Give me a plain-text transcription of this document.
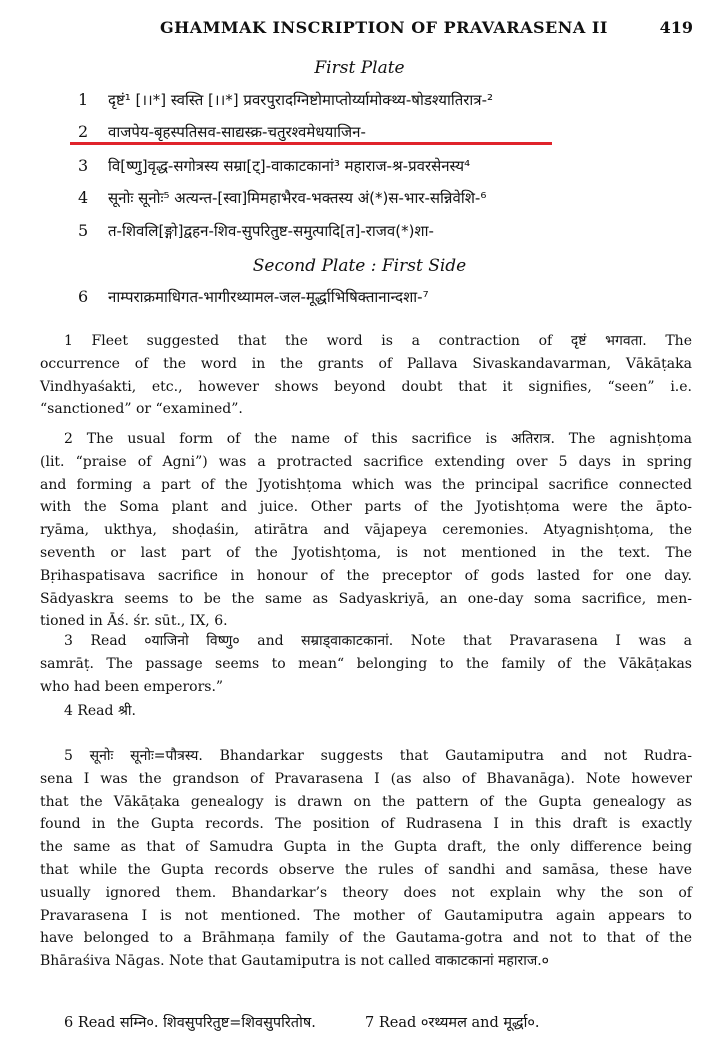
GHAMMAK INSCRIPTION OF PRAVARASENA II	419
First Plate
1 दृष्टं¹ [।।*] स्वस्ति [।।*] प्रवरपुरादग्निष्टोमाप्तोर्य्यामोक्थ्य-षोडश्यातिरात्र-²
2 वाजपेय-बृहस्पतिसव-साद्यस्क्र-चतुरश्वमेधयाजिन-
3 वि[ष्णु]वृद्ध-सगोत्रस्य सम्रा[ट्]-वाकाटकानां³ महाराज-श्र-प्रवरसेनस्य⁴
4 सूनोः सूनोः⁵ अत्यन्त-[स्वा]मिमहाभैरव-भक्तस्य अं(*)स-भार-सन्निवेशि-⁶
5 त-शिवलि[ङ्गो]द्वहन-शिव-सुपरितुष्ट-समुत्पादि[त]-राजव(*)शा-
Second Plate : First Side
6 नाम्पराक्रमाधिगत-भागीरथ्यामल-जल-मूर्द्धाभिषिक्तानान्दशा-⁷

1 Fleet suggested that the word is a contraction of दृष्टं भगवता. The

occurrence of the word in the grants of Pallava Sivaskandavarman, Vākāṭaka

Vindhyaśakti, etc., however shows beyond doubt that it signifies, “seen” i.e.

“sanctioned” or “examined”.

2 The usual form of the name of this sacrifice is अतिरात्र. The agnishṭoma

(lit. “praise of Agni”) was a protracted sacrifice extending over 5 days in spring

and forming a part of the Jyotishṭoma which was the principal sacrifice connected

with the Soma plant and juice. Other parts of the Jyotishṭoma were the āpto-

ryāma, ukthya, shoḍaśin, atirātra and vājapeya ceremonies. Atyagnishṭoma, the

seventh or last part of the Jyotishṭoma, is not mentioned in the text. The

Bṛihaspatisava sacrifice in honour of the preceptor of gods lasted for one day.

Sādyaskra seems to be the same as Sadyaskriyā, an one-day soma sacrifice, men-

tioned in Āś. śr. sūt., IX, 6.

3 Read ०याजिनो विष्णु० and सम्राड्वाकाटकानां. Note that Pravarasena I was a

samrāṭ. The passage seems to mean“ belonging to the family of the Vākāṭakas

who had been emperors.”

4 Read श्री.

5 सूनोः सूनोः=पौत्रस्य. Bhandarkar suggests that Gautamiputra and not Rudra-

sena I was the grandson of Pravarasena I (as also of Bhavanāga). Note however

that the Vākāṭaka genealogy is drawn on the pattern of the Gupta genealogy as

found in the Gupta records. The position of Rudrasena I in this draft is exactly

the same as that of Samudra Gupta in the Gupta draft, the only difference being

that while the Gupta records observe the rules of sandhi and samāsa, these have

usually ignored them. Bhandarkar’s theory does not explain why the son of

Pravarasena I is not mentioned. The mother of Gautamiputra again appears to

have belonged to a Brāhmaṇa family of the Gautama-gotra and not to that of the

Bhāraśiva Nāgas. Note that Gautamiputra is not called वाकाटकानां महाराज.०

6 Read सम्नि०. शिवसुपरितुष्ट=शिवसुपरितोष.	7 Read ०रथ्यमल and मूर्द्धा०.
